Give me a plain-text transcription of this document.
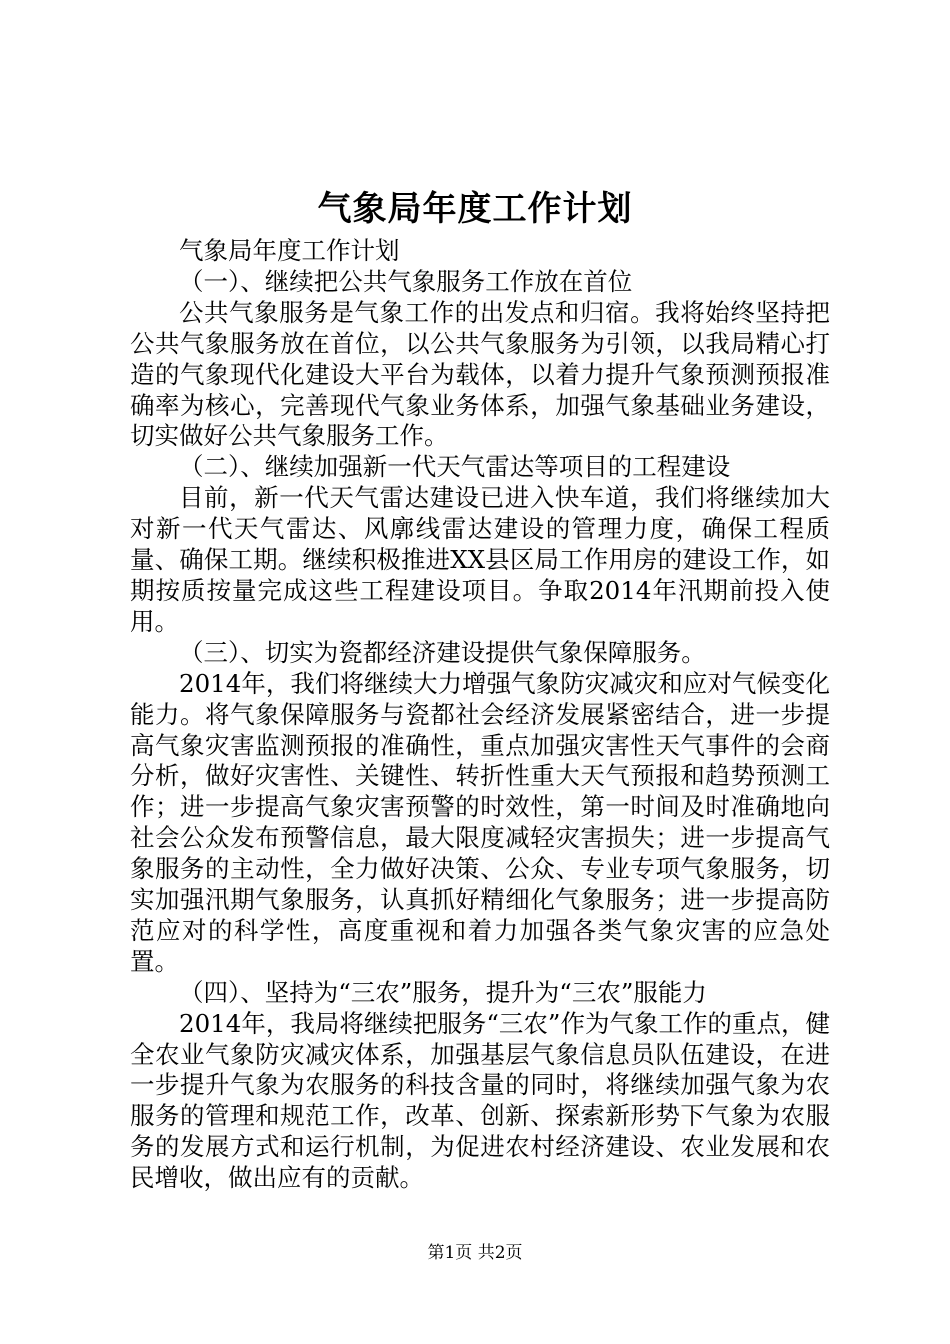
气象局年度工作计划

气象局年度工作计划

（一）、继续把公共气象服务工作放在首位

公共气象服务是气象工作的出发点和归宿。我将始终坚持把公共气象服务放在首位，以公共气象服务为引领，以我局精心打造的气象现代化建设大平台为载体，以着力提升气象预测预报准确率为核心，完善现代气象业务体系，加强气象基础业务建设，切实做好公共气象服务工作。

（二）、继续加强新一代天气雷达等项目的工程建设

目前，新一代天气雷达建设已进入快车道，我们将继续加大对新一代天气雷达、风廓线雷达建设的管理力度，确保工程质量、确保工期。继续积极推进XX县区局工作用房的建设工作，如期按质按量完成这些工程建设项目。争取2014年汛期前投入使用。

（三）、切实为瓷都经济建设提供气象保障服务。

2014年，我们将继续大力增强气象防灾减灾和应对气候变化能力。将气象保障服务与瓷都社会经济发展紧密结合，进一步提高气象灾害监测预报的准确性，重点加强灾害性天气事件的会商分析，做好灾害性、关键性、转折性重大天气预报和趋势预测工作；进一步提高气象灾害预警的时效性，第一时间及时准确地向社会公众发布预警信息，最大限度减轻灾害损失；进一步提高气象服务的主动性，全力做好决策、公众、专业专项气象服务，切实加强汛期气象服务，认真抓好精细化气象服务；进一步提高防范应对的科学性，高度重视和着力加强各类气象灾害的应急处置。

（四）、坚持为“三农”服务，提升为“三农”服能力

2014年，我局将继续把服务“三农”作为气象工作的重点，健全农业气象防灾减灾体系，加强基层气象信息员队伍建设，在进一步提升气象为农服务的科技含量的同时，将继续加强气象为农服务的管理和规范工作，改革、创新、探索新形势下气象为农服务的发展方式和运行机制，为促进农村经济建设、农业发展和农民增收，做出应有的贡献。

第1页 共2页
